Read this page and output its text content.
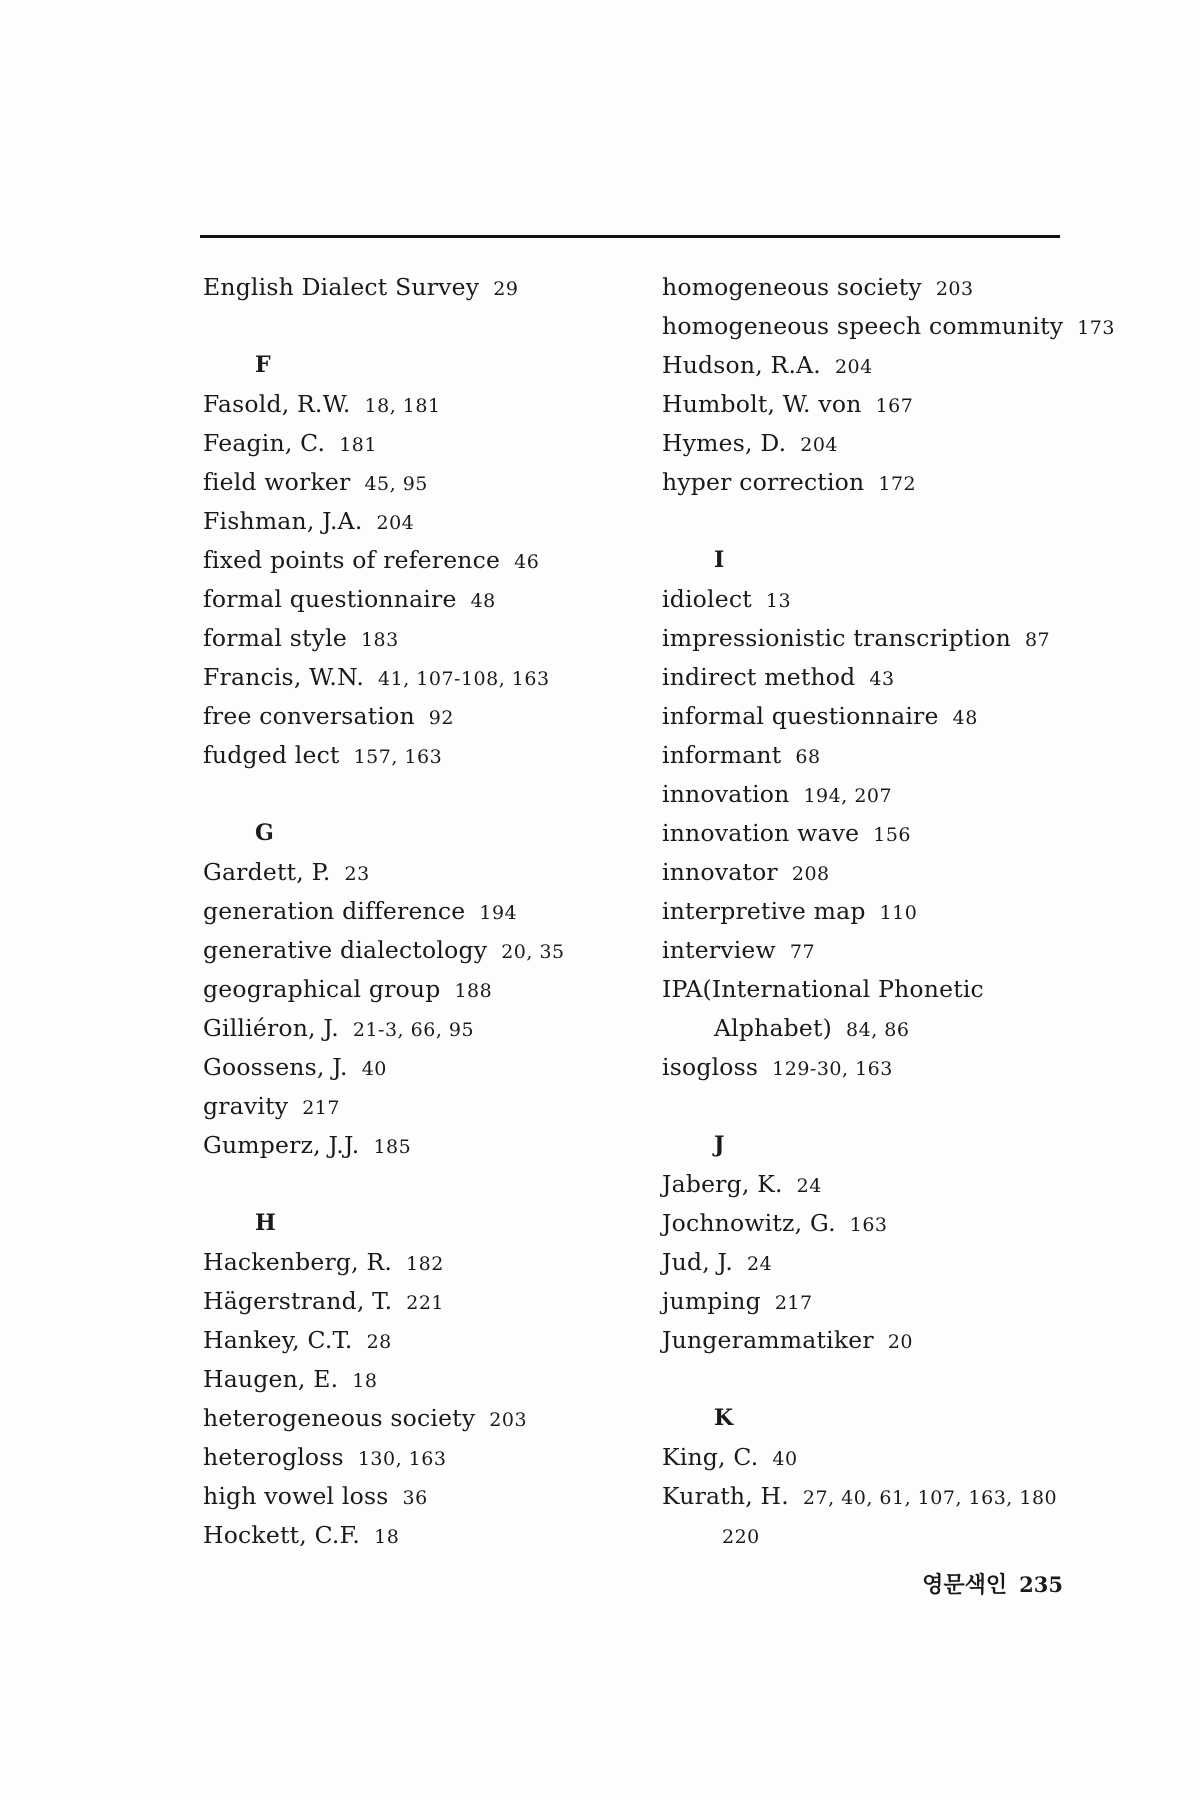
English Dialect Survey 29
F
Fasold, R.W. 18, 181
Feagin, C. 181
field worker 45, 95
Fishman, J.A. 204
fixed points of reference 46
formal questionnaire 48
formal style 183
Francis, W.N. 41, 107-108, 163
free conversation 92
fudged lect 157, 163
G
Gardett, P. 23
generation difference 194
generative dialectology 20, 35
geographical group 188
Gilliéron, J. 21-3, 66, 95
Goossens, J. 40
gravity 217
Gumperz, J.J. 185
H
Hackenberg, R. 182
Hägerstrand, T. 221
Hankey, C.T. 28
Haugen, E. 18
heterogeneous society 203
heterogloss 130, 163
high vowel loss 36
Hockett, C.F. 18
homogeneous society 203
homogeneous speech community 173
Hudson, R.A. 204
Humbolt, W. von 167
Hymes, D. 204
hyper correction 172
I
idiolect 13
impressionistic transcription 87
indirect method 43
informal questionnaire 48
informant 68
innovation 194, 207
innovation wave 156
innovator 208
interpretive map 110
interview 77
IPA(International Phonetic
Alphabet) 84, 86
isogloss 129-30, 163
J
Jaberg, K. 24
Jochnowitz, G. 163
Jud, J. 24
jumping 217
Jungerammatiker 20
K
King, C. 40
Kurath, H. 27, 40, 61, 107, 163, 180
220
영문색인 235
